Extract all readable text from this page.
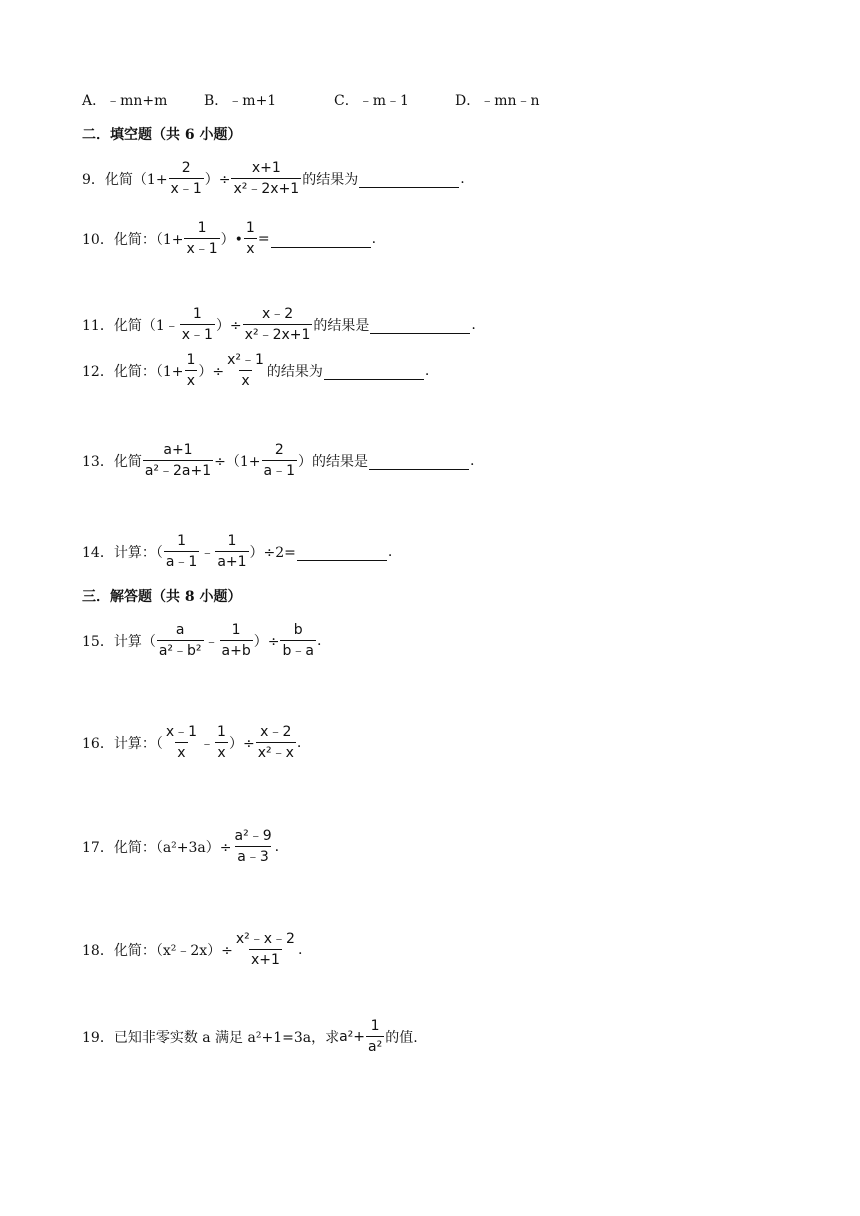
A．﹣mn+m	B．﹣m+1	C．﹣m﹣1	D．﹣mn﹣n
二．填空题（共 6 小题）
9．化简（$1+ \frac{2}{x﹣1}$ ）÷ $\frac{x+1}{\text{x²﹣2x+1}}$ 的结果为	.
10．化简：（$1+ \frac{1}{x﹣1}$ ）• $\frac{1}{x}$ =	.
11．化简（1﹣ $\frac{1}{x﹣1}$ ）÷ $\frac{x﹣2}{\text{x²﹣2x+1}}$ 的结果是	.
12．化简：（$1+ \frac{1}{x}$ ）÷ $\frac{\text{x²﹣1}}{x}$ 的结果为	.
13．化简 $\frac{a+1}{\text{a²﹣2a+1}} \div(1+ \frac{2}{a﹣1}$ ）的结果是	.
14．计算：（ $\frac{1}{a﹣1}$ ﹣ $\frac{1}{a+1} )\div 2=$	.
三．解答题（共 8 小题）
15．计算（ $\frac{a}{\text{a²﹣b²}}$ ﹣ $\frac{1}{a+b}$ ）÷ $\frac{b}{b﹣a}$ .
16．计算：（ $\frac{x﹣1}{x}$ ﹣ $\frac{1}{x}$ ）÷ $\frac{x﹣2}{\text{x²﹣x}}$ .
17．化简：$(a^2+3a)\div \frac{\text{a²﹣9}}{a﹣3}$ .
18．化简：（x²﹣2x）÷ $\frac{\text{x²﹣x﹣2}}{x+1}$ .
19．已知非零实数 a 满足 a²+1=3a，求 $a^2+ \frac{1}{\text{a²}}$ 的值.
